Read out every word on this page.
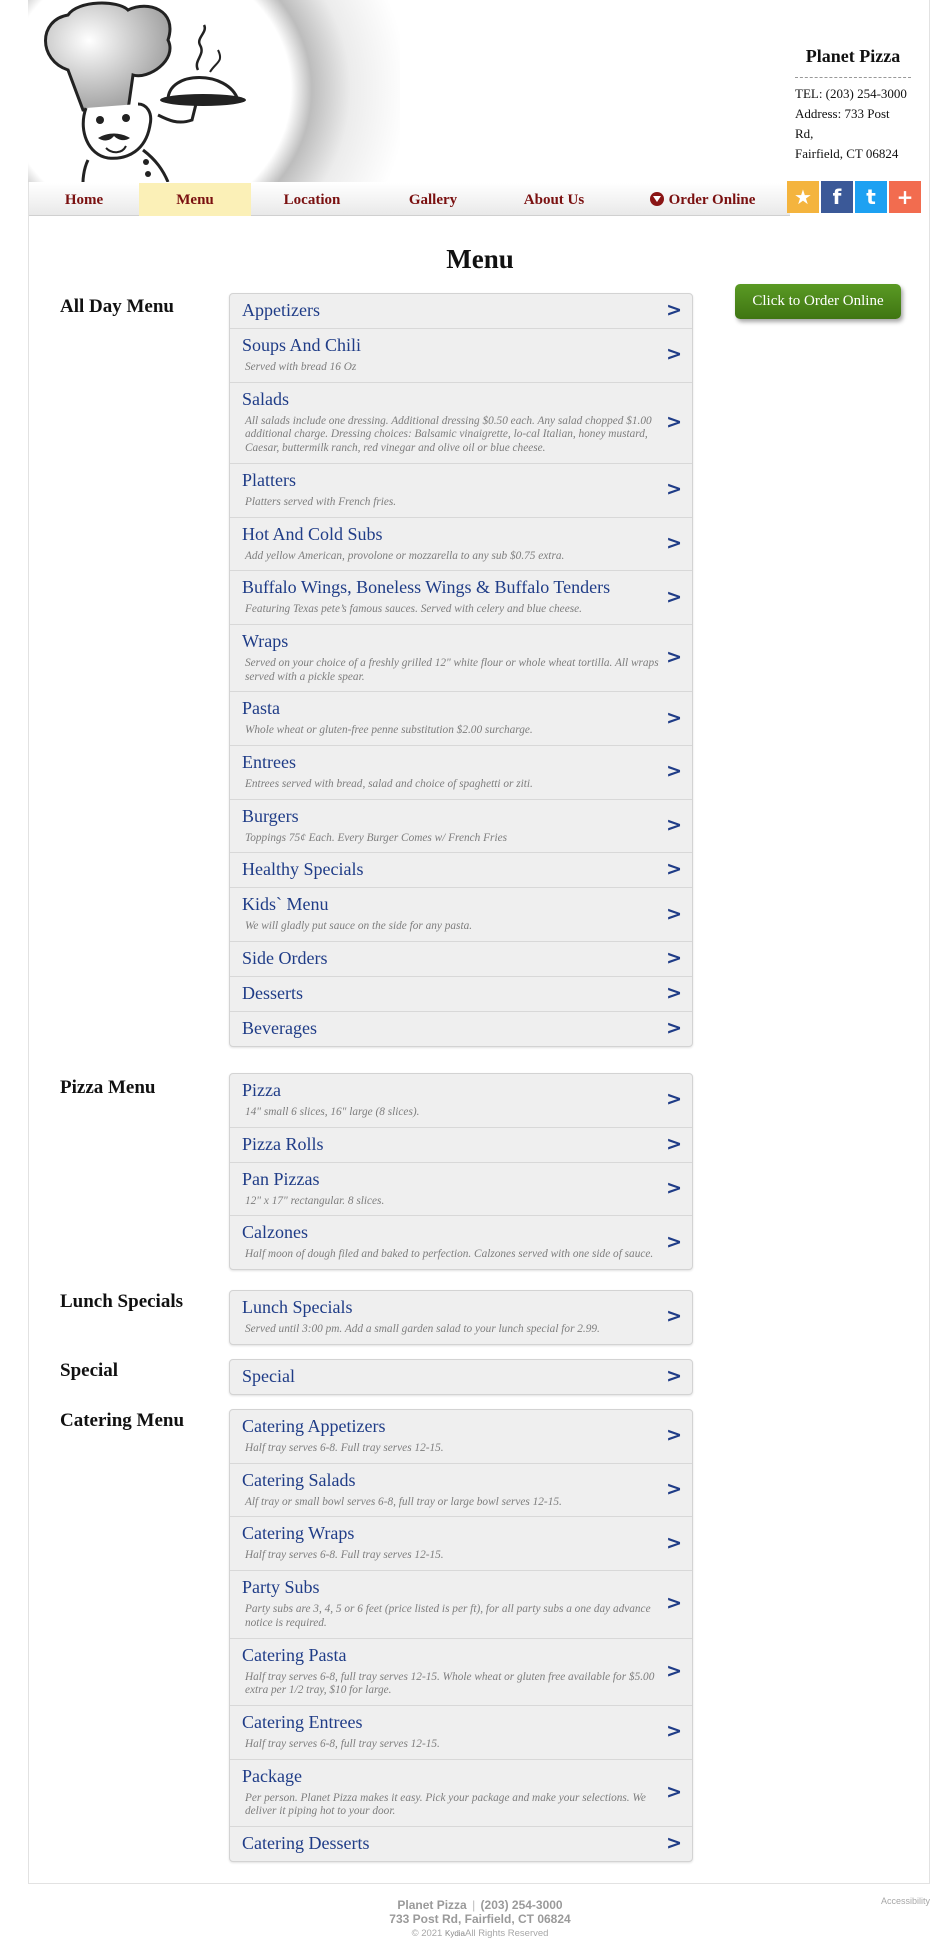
Planet Pizza
TEL: (203) 254-3000
Address: 733 Post Rd,
Fairfield, CT 06824
Home	Menu	Location	Gallery	About Us	Order Online	★	f	t	+
Menu
Click to Order Online
All Day Menu	Appetizers	>
Soups And Chili
Served with bread 16 Oz
>
Salads
All salads include one dressing. Additional dressing $0.50 each. Any salad chopped $1.00 additional charge. Dressing choices: Balsamic vinaigrette, lo-cal Italian, honey mustard, Caesar, buttermilk ranch, red vinegar and olive oil or blue cheese.
>
Platters
Platters served with French fries.
>
Hot And Cold Subs
Add yellow American, provolone or mozzarella to any sub $0.75 extra.
>
Buffalo Wings, Boneless Wings & Buffalo Tenders
Featuring Texas pete’s famous sauces. Served with celery and blue cheese.
>
Wraps
Served on your choice of a freshly grilled 12" white flour or whole wheat tortilla. All wraps served with a pickle spear.
>
Pasta
Whole wheat or gluten-free penne substitution $2.00 surcharge.
>
Entrees
Entrees served with bread, salad and choice of spaghetti or ziti.
>
Burgers
Toppings 75¢ Each. Every Burger Comes w/ French Fries
>
Healthy Specials	>
Kids` Menu
We will gladly put sauce on the side for any pasta.
>
Side Orders	>
Desserts	>
Beverages	>
Pizza Menu	Pizza
14" small 6 slices, 16" large (8 slices).
>
Pizza Rolls	>
Pan Pizzas
12" x 17" rectangular. 8 slices.
>
Calzones
Half moon of dough filed and baked to perfection. Calzones served with one side of sauce.
>
Lunch Specials	Lunch Specials
Served until 3:00 pm. Add a small garden salad to your lunch special for 2.99.
>
Special	Special	>
Catering Menu	Catering Appetizers
Half tray serves 6-8. Full tray serves 12-15.
>
Catering Salads
Alf tray or small bowl serves 6-8, full tray or large bowl serves 12-15.
>
Catering Wraps
Half tray serves 6-8. Full tray serves 12-15.
>
Party Subs
Party subs are 3, 4, 5 or 6 feet (price listed is per ft), for all party subs a one day advance notice is required.
>
Catering Pasta
Half tray serves 6-8, full tray serves 12-15. Whole wheat or gluten free available for $5.00 extra per 1/2 tray, $10 for large.
>
Catering Entrees
Half tray serves 6-8, full tray serves 12-15.
>
Package
Per person. Planet Pizza makes it easy. Pick your package and make your selections. We deliver it piping hot to your door.
>
Catering Desserts	>
Planet Pizza | (203) 254-3000
733 Post Rd, Fairfield, CT 06824
© 2021 KydiaAll Rights Reserved
Accessibility
